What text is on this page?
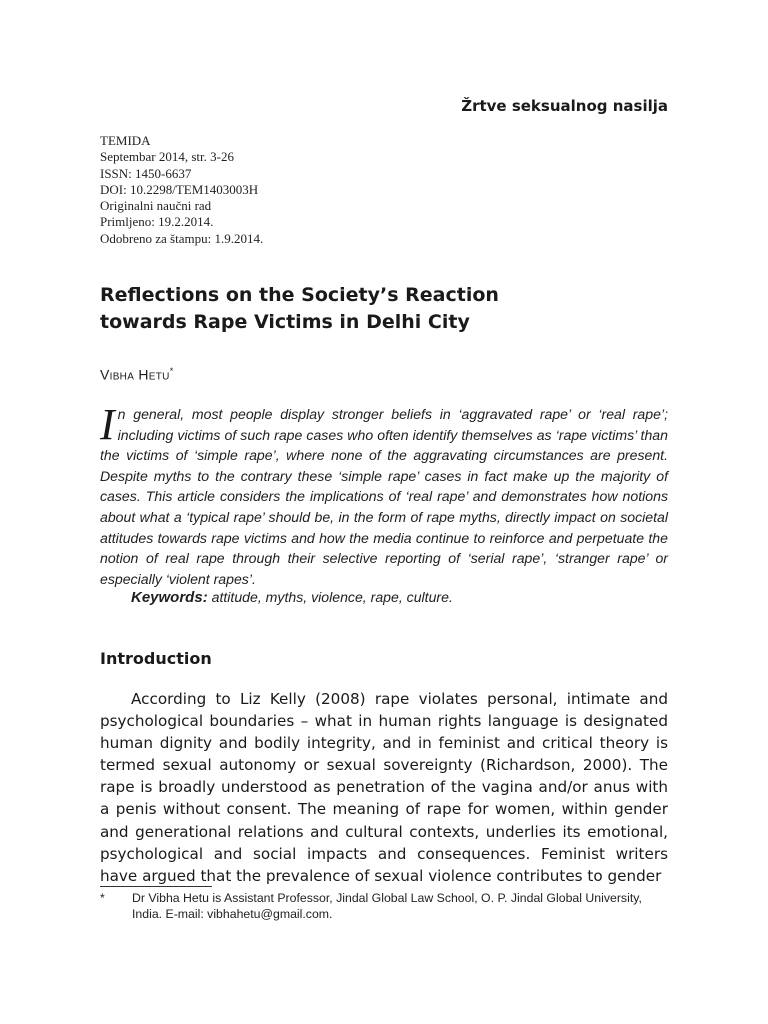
Žrtve seksualnog nasilja
TEMIDA
Septembar 2014, str. 3-26
ISSN: 1450-6637
DOI: 10.2298/TEM1403003H
Originalni naučni rad
Primljeno: 19.2.2014.
Odobreno za štampu: 1.9.2014.
Reflections on the Society’s Reaction
towards Rape Victims in Delhi City
Vibha Hetu*
In general, most people display stronger beliefs in ‘aggravated rape’ or ‘real rape’; including victims of such rape cases who often identify themselves as ‘rape victims’ than the victims of ‘simple rape’, where none of the aggravating circumstances are present. Despite myths to the contrary these ‘simple rape’ cases in fact make up the majority of cases. This article considers the implications of ‘real rape’ and demonstrates how notions about what a ‘typical rape’ should be, in the form of rape myths, directly impact on societal attitudes towards rape victims and how the media continue to reinforce and perpetuate the notion of real rape through their selective reporting of ‘serial rape’, ‘stranger rape’ or especially ‘violent rapes’.
Keywords: attitude, myths, violence, rape, culture.
Introduction
According to Liz Kelly (2008) rape violates personal, intimate and psychological boundaries – what in human rights language is designated human dignity and bodily integrity, and in feminist and critical theory is termed sexual autonomy or sexual sovereignty (Richardson, 2000). The rape is broadly understood as penetration of the vagina and/or anus with a penis without consent. The meaning of rape for women, within gender and generational relations and cultural contexts, underlies its emotional, psychological and social impacts and consequences. Feminist writers have argued that the prevalence of sexual violence contributes to gender
* Dr Vibha Hetu is Assistant Professor, Jindal Global Law School, O. P. Jindal Global University, India. E-mail: vibhahetu@gmail.com.
